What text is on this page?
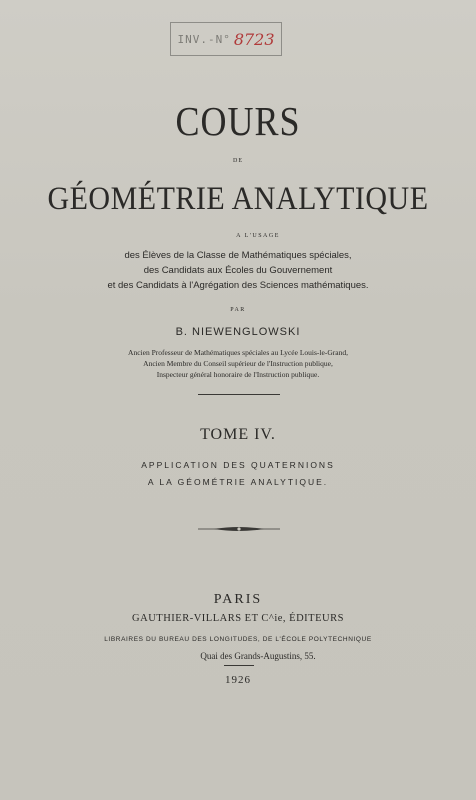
INV.-N° 8723
COURS
DE
GÉOMÉTRIE ANALYTIQUE
A L'USAGE
des Élèves de la Classe de Mathématiques spéciales,
des Candidats aux Écoles du Gouvernement
et des Candidats à l'Agrégation des Sciences mathématiques.
PAR
B. NIEWENGLOWSKI
Ancien Professeur de Mathématiques spéciales au Lycée Louis-le-Grand,
Ancien Membre du Conseil supérieur de l'Instruction publique,
Inspecteur général honoraire de l'Instruction publique.
TOME IV.
APPLICATION DES QUATERNIONS
A LA GÉOMÉTRIE ANALYTIQUE.
PARIS
GAUTHIER-VILLARS ET C^ie, ÉDITEURS
LIBRAIRES DU BUREAU DES LONGITUDES, DE L'ÉCOLE POLYTECHNIQUE
Quai des Grands-Augustins, 55.
1926
